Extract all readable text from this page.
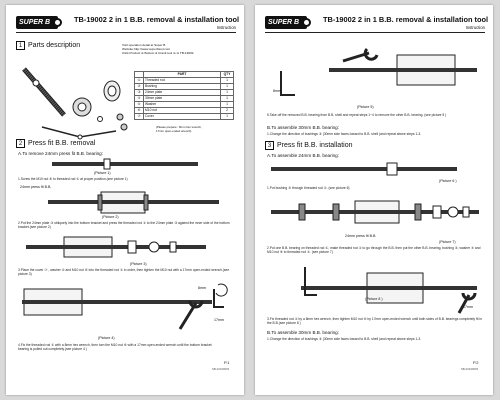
SUPER B	TB-19002 2 in 1 B.B. removal & installation tool
Instruction
1 Parts description	Visit operation detail at Super B
Website:http://www.superbtool.com
Click Product ➡ Bottom & Crank tool ➡ ➡ TB-19002
	PART	QTY
①	Threaded rod	1
②	Bushing	1
③	24mm plate	1
④	30mm plate	1
⑤	Washer	1
⑥	M10 nut	2
⑦	Cover	1
(Please prepare : 8mm hex wrench,
17mm open-ended wrench)
2 Press fit B.B. removal
A.To remove 24mm press fit B.B. bearing:
(Picture 1)
1.Screw the M10 nut ⑥ to threaded rod ① at proper position.(see picture 1)
24mm press fit B.B.
(Picture 2)
2.Put the 24mm plate ③ obliquely into the bottom bracket and press the threaded rod ① to the 24mm plate ③ against the inner side of the bottom bracket.(see picture 2)
(Picture 3)
3.Place the cover ⑦ , washer ⑤ and M10 nut ⑥ into the threaded rod ① in order, then tighten the M10 nut with a 17mm open-ended wrench.(see picture 3)
(Picture 4)
17mm
8mm
4.Fix the threaded rod ① with a 8mm hex wrench, then turn the M10 nut ⑥ with a 17mm open-ended wrench until the bottom bracket bearing is pulled out completely.(see picture 4 )
P.1
SB-20190603
SUPER B	TB-19002 2 in 1 B.B. removal & installation tool
Instruction
8mm
(Picture 5)
5.Take off the removed B.B. bearing from B.B. shell and repeat steps 1~4 to remove the other B.B. bearing. (see picture 5 )
B.To assemble 30mm B.B. bearing:
1.Change the direction of bushings ② (30mm side faces toward to B.B. shell )and repeat above steps 1-3.
3 Press fit B.B. installation
A.To assemble 24mm B.B. bearing:
(Picture 6 )
1.Put bushing ② through threaded rod ①. (see picture 6)
24mm press fit B.B.
(Picture 7)
2.Put one B.B. bearing on threaded rod ①, make threaded rod ① to go through the B.B. then put the other B.B. bearing, bushing ②, washer ⑤ and M10 nut ⑥ to threaded rod ①. (see picture 7)
(Picture 8 )
17mm
3.Fix threaded rod ① by a 8mm hex wrench, then tighten M10 nut ⑥ by 17mm open-ended wrench until both sides of B.B. bearings completely fit in the B.B.(see picture 8 )
B.To assemble 30mm B.B. bearing:
1.Change the direction of bushings ② (30mm side faces toward to B.B. shell )and repeat above steps 1-3.
P.2
SB-20190603
